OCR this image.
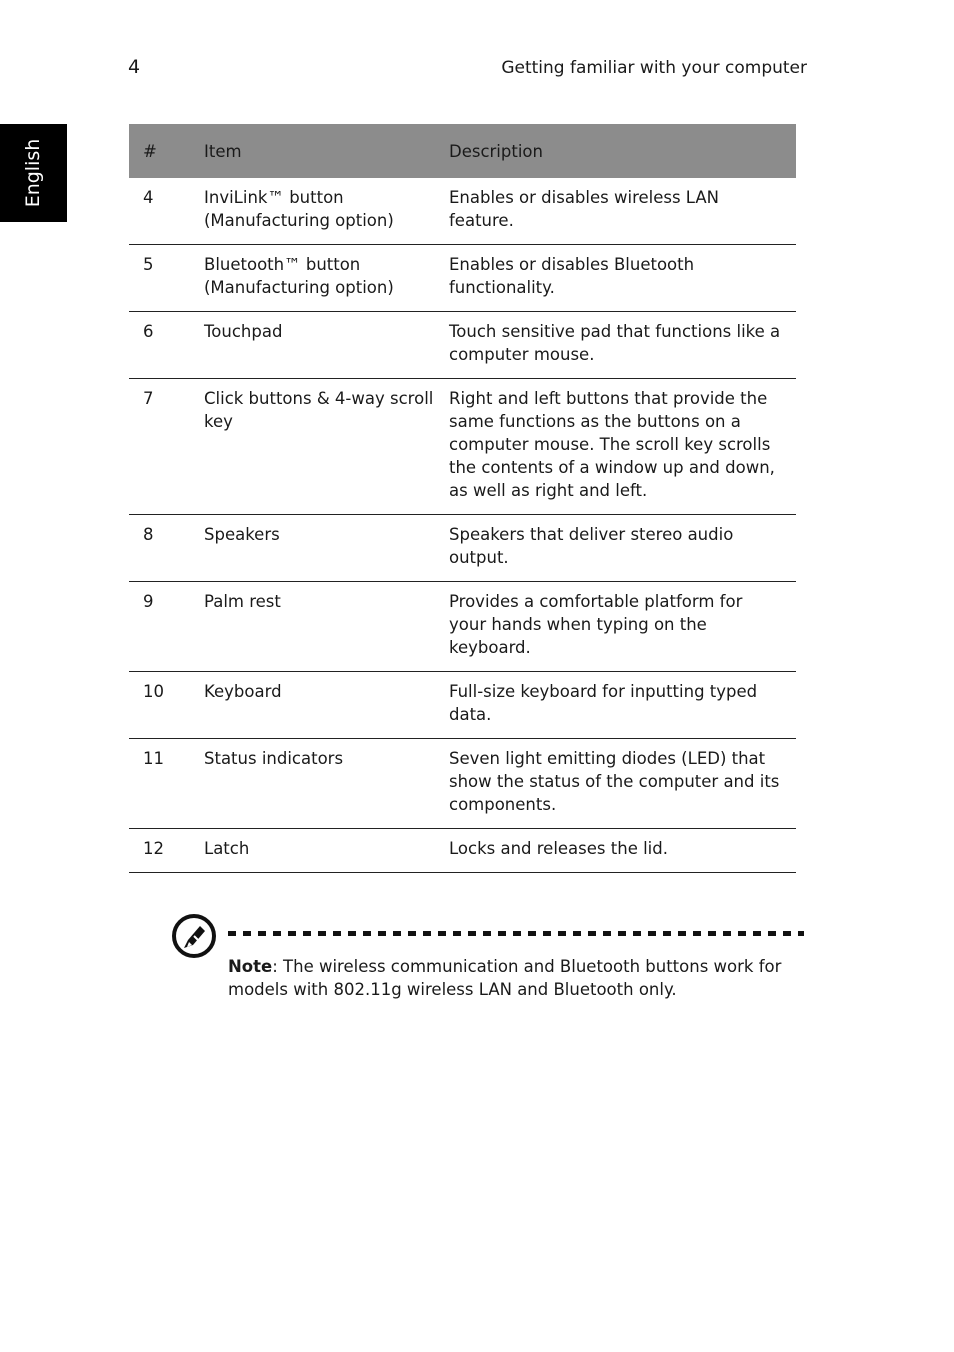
4	Getting familiar with your computer
English	#	Item	Description
4	InviLink™ button (Manufacturing option)	Enables or disables wireless LAN feature.
5	Bluetooth™ button (Manufacturing option)	Enables or disables Bluetooth functionality.
6	Touchpad	Touch sensitive pad that functions like a computer mouse.
7	Click buttons & 4-way scroll key	Right and left buttons that provide the same functions as the buttons on a computer mouse. The scroll key scrolls the contents of a window up and down, as well as right and left.
8	Speakers	Speakers that deliver stereo audio output.
9	Palm rest	Provides a comfortable platform for your hands when typing on the keyboard.
10	Keyboard	Full-size keyboard for inputting typed data.
11	Status indicators	Seven light emitting diodes (LED) that show the status of the computer and its components.
12	Latch	Locks and releases the lid.
Note: The wireless communication and Bluetooth buttons work for models with 802.11g wireless LAN and Bluetooth only.
